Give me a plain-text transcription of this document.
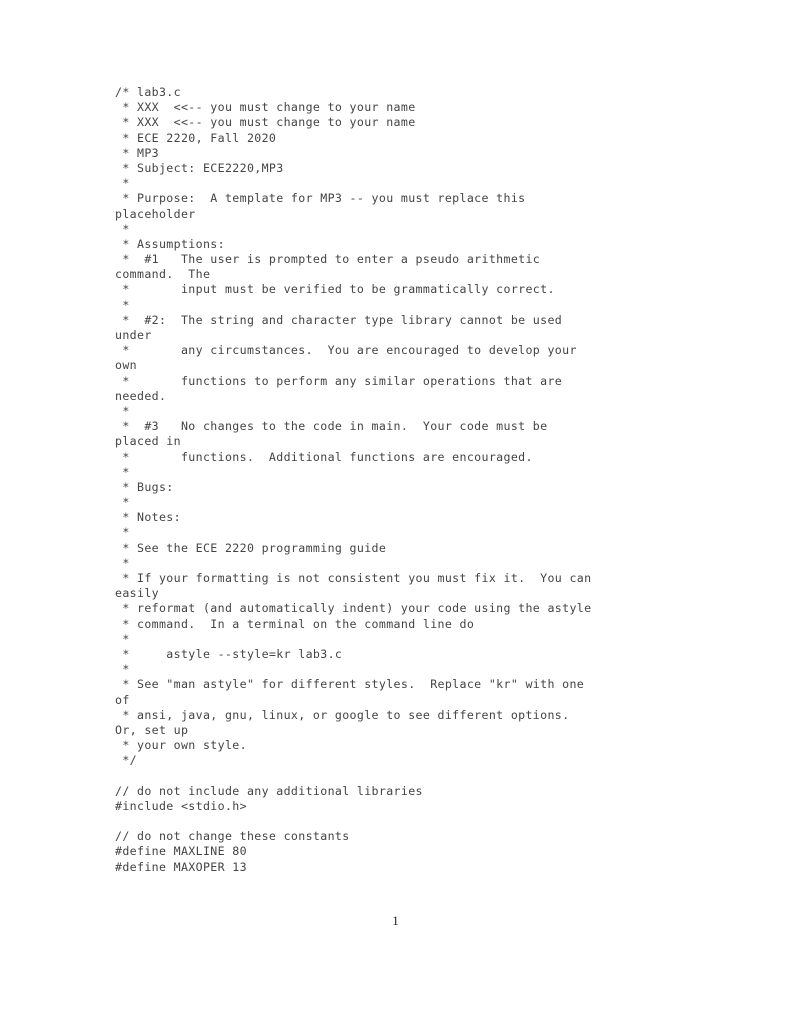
/* lab3.c
* XXX  <<-- you must change to your name
* XXX  <<-- you must change to your name
* ECE 2220, Fall 2020
* MP3
* Subject: ECE2220,MP3
*
* Purpose:  A template for MP3 -- you must replace this
placeholder
*
* Assumptions:
*  #1   The user is prompted to enter a pseudo arithmetic
command.  The
*       input must be verified to be grammatically correct.
*
*  #2:  The string and character type library cannot be used
under
*       any circumstances.  You are encouraged to develop your
own
*       functions to perform any similar operations that are
needed.
*
*  #3   No changes to the code in main.  Your code must be
placed in
*       functions.  Additional functions are encouraged.
*
* Bugs:
*
* Notes:
*
* See the ECE 2220 programming guide
*
* If your formatting is not consistent you must fix it.  You can
easily
* reformat (and automatically indent) your code using the astyle
* command.  In a terminal on the command line do
*
*     astyle --style=kr lab3.c
*
* See "man astyle" for different styles.  Replace "kr" with one
of
* ansi, java, gnu, linux, or google to see different options.
Or, set up
* your own style.
*/
// do not include any additional libraries
#include <stdio.h>
// do not change these constants
#define MAXLINE 80
#define MAXOPER 13
1
